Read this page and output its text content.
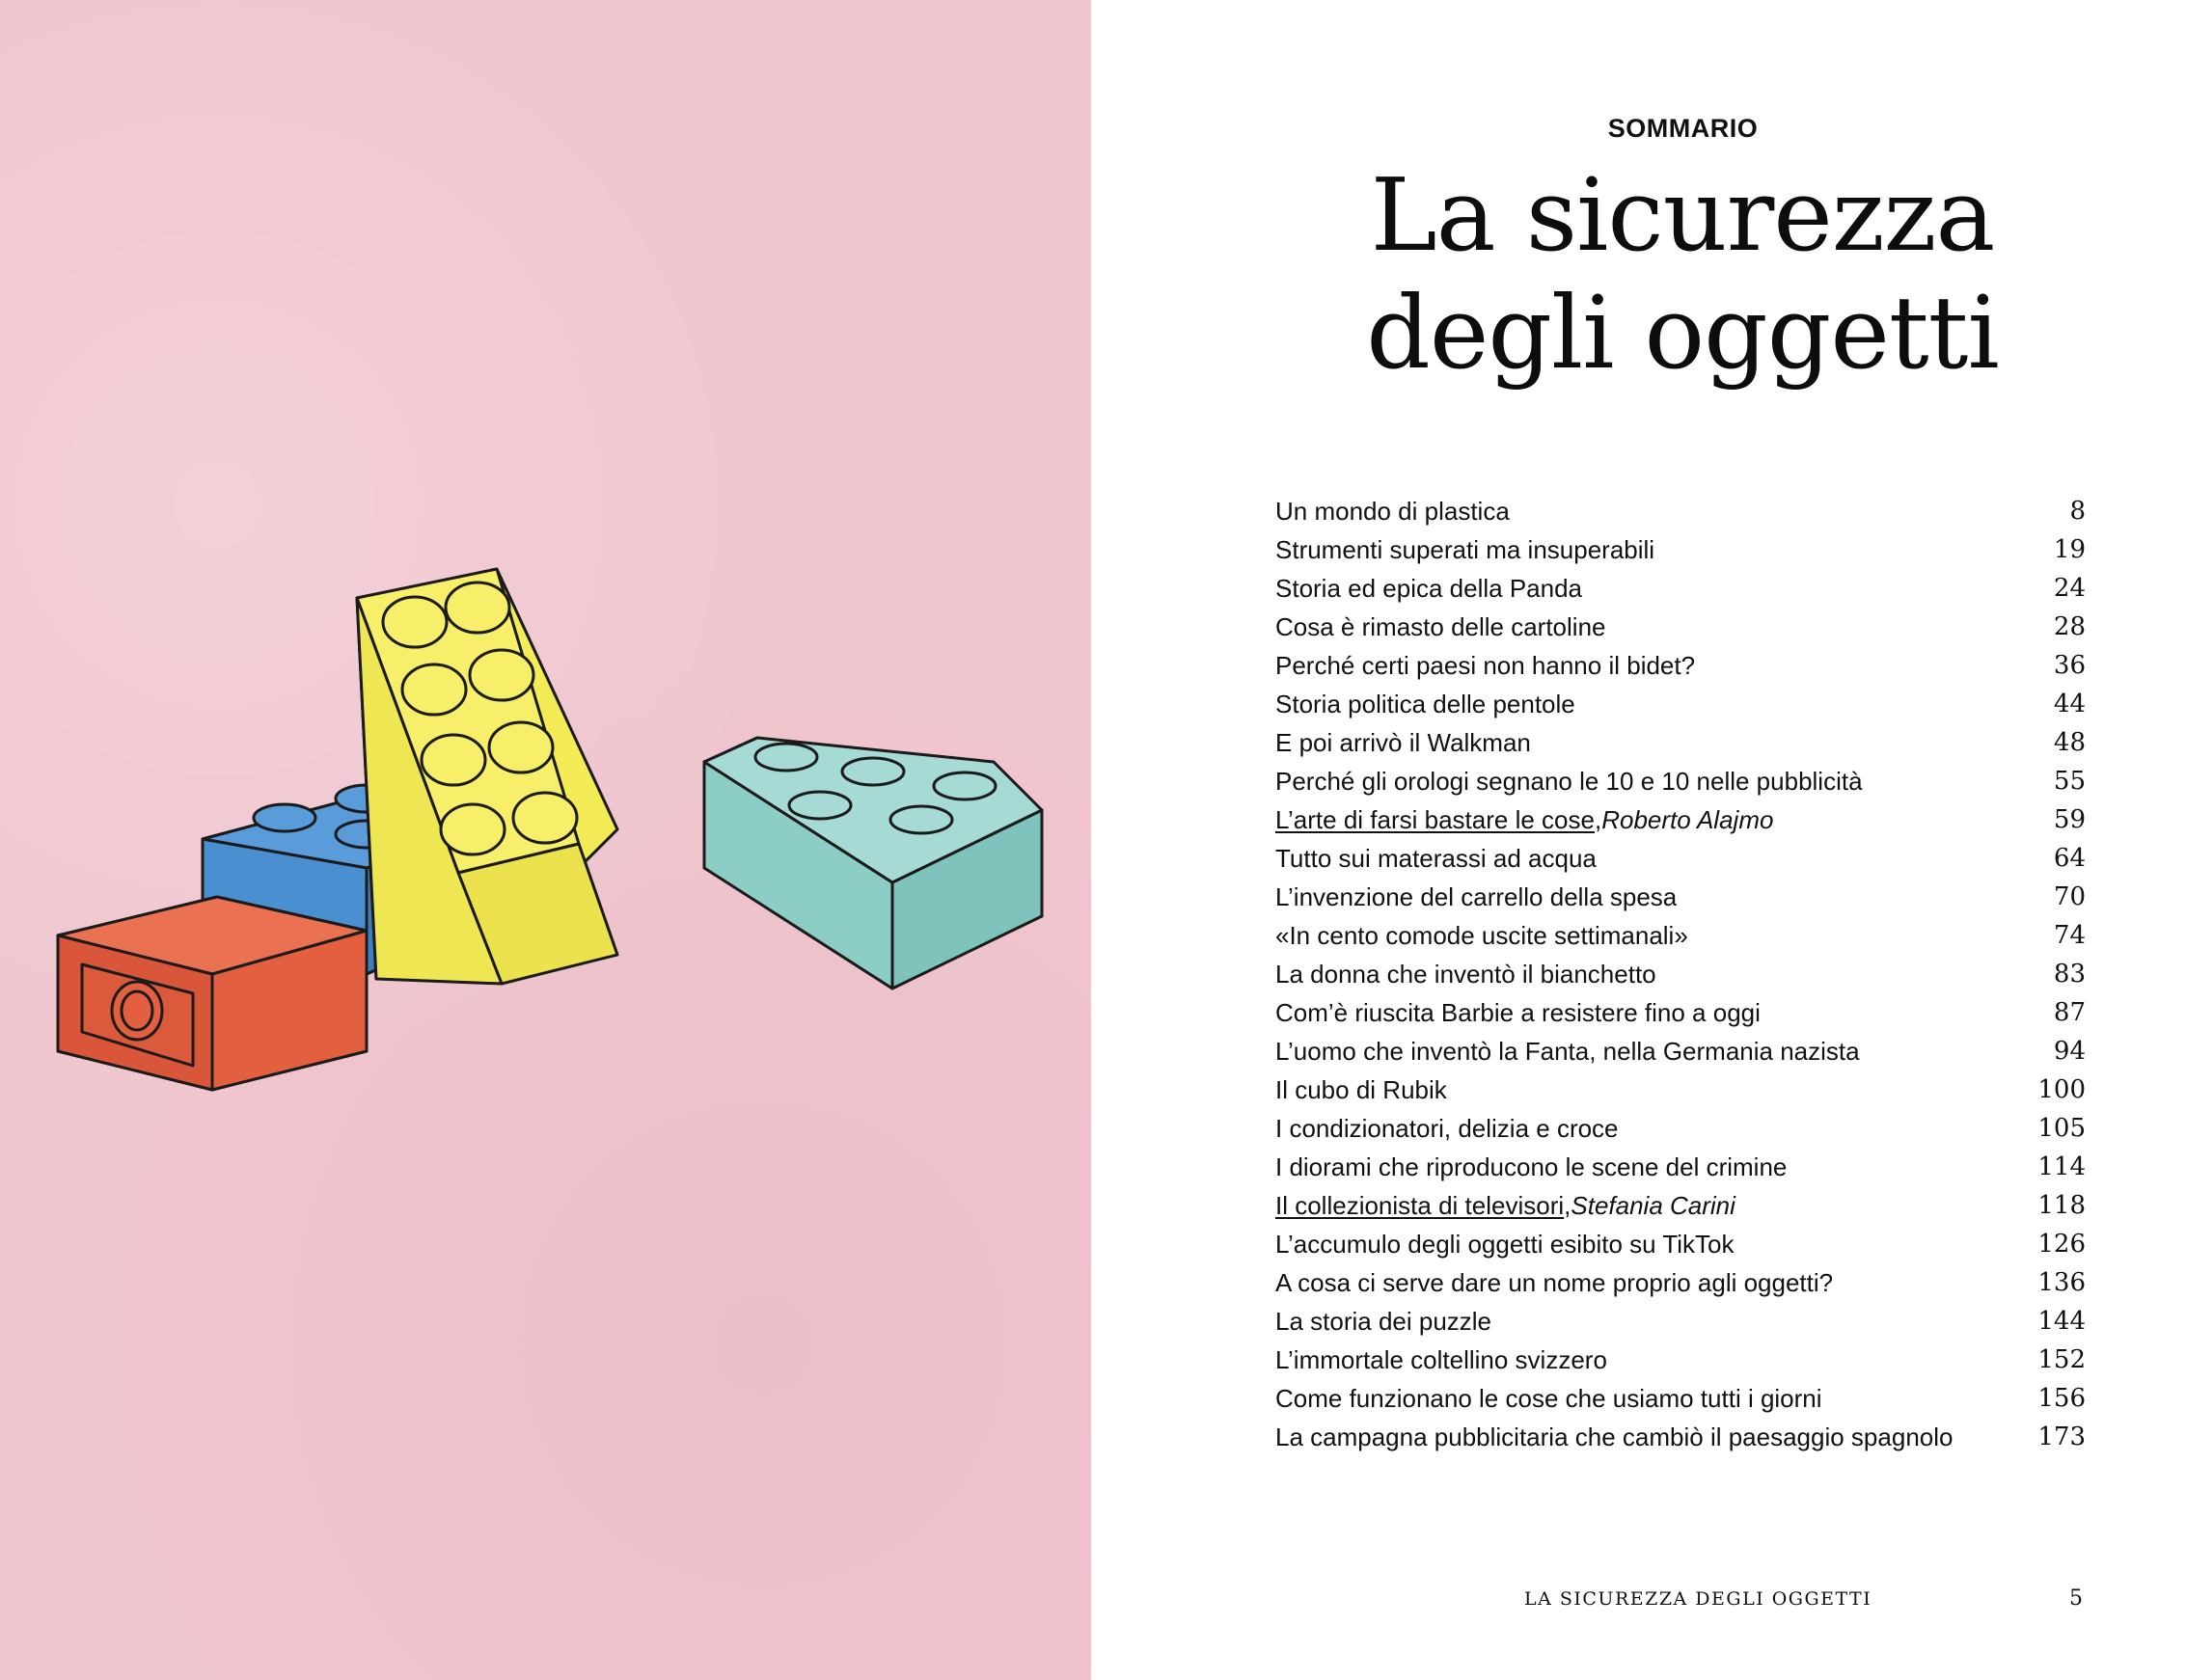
SOMMARIO
La sicurezza
degli oggetti
Un mondo di plastica	8
Strumenti superati ma insuperabili	19
Storia ed epica della Panda	24
Cosa è rimasto delle cartoline	28
Perché certi paesi non hanno il bidet?	36
Storia politica delle pentole	44
E poi arrivò il Walkman	48
Perché gli orologi segnano le 10 e 10 nelle pubblicità	55
L’arte di farsi bastare le cose,Roberto Alajmo	59
Tutto sui materassi ad acqua	64
L’invenzione del carrello della spesa	70
«In cento comode uscite settimanali»	74
La donna che inventò il bianchetto	83
Com’è riuscita Barbie a resistere fino a oggi	87
L’uomo che inventò la Fanta, nella Germania nazista	94
Il cubo di Rubik	100
I condizionatori, delizia e croce	105
I diorami che riproducono le scene del crimine	114
Il collezionista di televisori,Stefania Carini	118
L’accumulo degli oggetti esibito su TikTok	126
A cosa ci serve dare un nome proprio agli oggetti?	136
La storia dei puzzle	144
L’immortale coltellino svizzero	152
Come funzionano le cose che usiamo tutti i giorni	156
La campagna pubblicitaria che cambiò il paesaggio spagnolo	173
LA SICUREZZA DEGLI OGGETTI	5
